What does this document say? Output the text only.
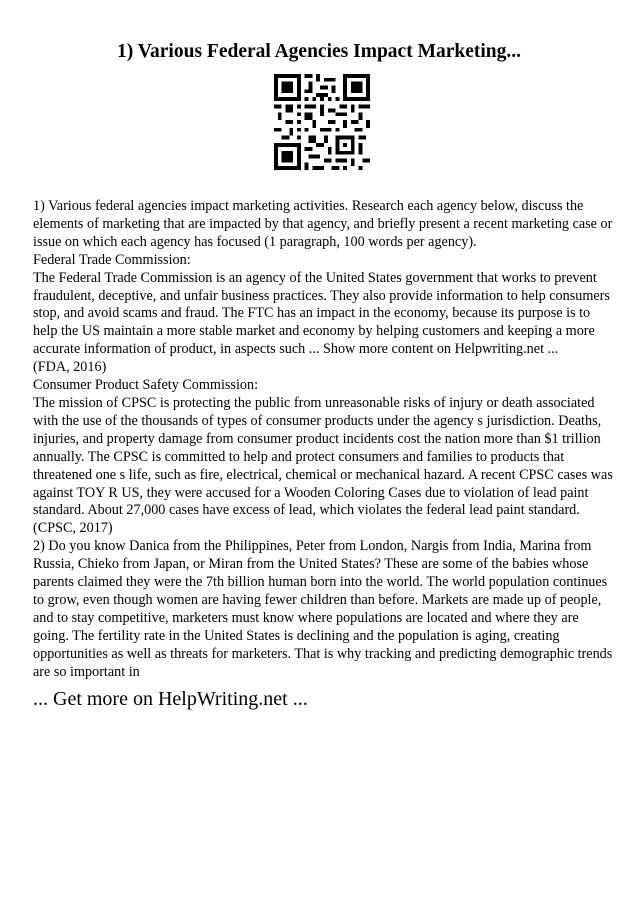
1) Various Federal Agencies Impact Marketing...

1) Various federal agencies impact marketing activities. Research each agency below, discuss the elements of marketing that are impacted by that agency, and briefly present a recent marketing case or issue on which each agency has focused (1 paragraph, 100 words per agency).

Federal Trade Commission:

The Federal Trade Commission is an agency of the United States government that works to prevent fraudulent, deceptive, and unfair business practices. They also provide information to help consumers stop, and avoid scams and fraud. The FTC has an impact in the economy, because its purpose is to help the US maintain a more stable market and economy by helping customers and keeping a more accurate information of product, in aspects such ... Show more content on Helpwriting.net ...

(FDA, 2016)

Consumer Product Safety Commission:

The mission of CPSC is protecting the public from unreasonable risks of injury or death associated with the use of the thousands of types of consumer products under the agency s jurisdiction. Deaths, injuries, and property damage from consumer product incidents cost the nation more than $1 trillion annually. The CPSC is committed to help and protect consumers and families to products that threatened one s life, such as fire, electrical, chemical or mechanical hazard. A recent CPSC cases was against TOY R US, they were accused for a Wooden Coloring Cases due to violation of lead paint standard. About 27,000 cases have excess of lead, which violates the federal lead paint standard. (CPSC, 2017)

2) Do you know Danica from the Philippines, Peter from London, Nargis from India, Marina from Russia, Chieko from Japan, or Miran from the United States? These are some of the babies whose parents claimed they were the 7th billion human born into the world. The world population continues to grow, even though women are having fewer children than before. Markets are made up of people, and to stay competitive, marketers must know where populations are located and where they are going. The fertility rate in the United States is declining and the population is aging, creating opportunities as well as threats for marketers. That is why tracking and predicting demographic trends are so important in

... Get more on HelpWriting.net ...
